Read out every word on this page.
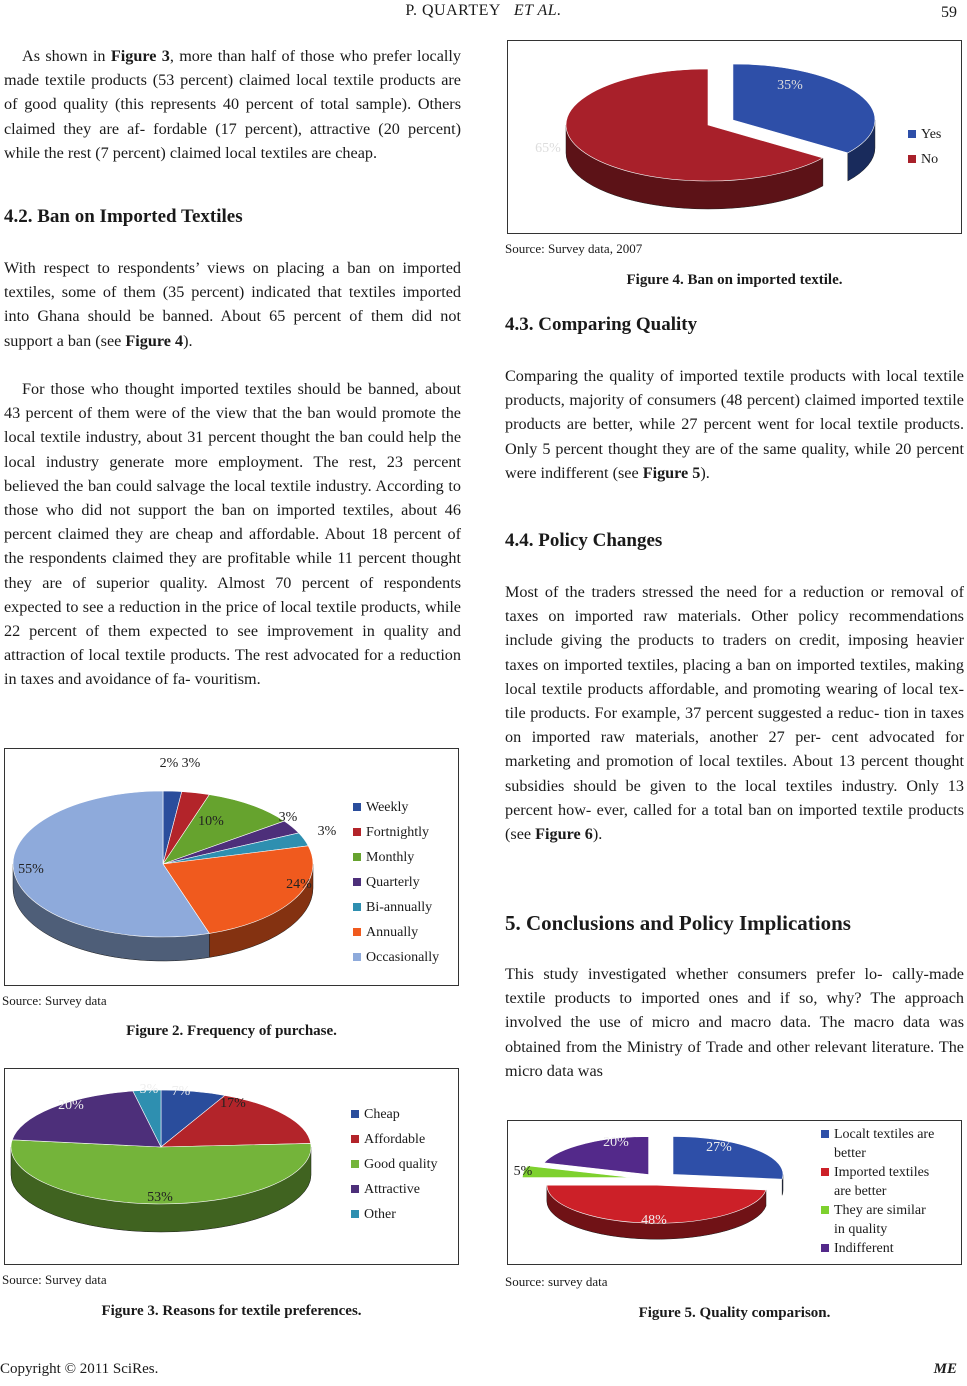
P. QUARTEY ET AL.	59

As shown in Figure 3, more than half of those who prefer locally made textile products (53 percent) claimed local textile products are of good quality (this represents 40 percent of total sample). Others claimed they are af- fordable (17 percent), attractive (20 percent) while the rest (7 percent) claimed local textiles are cheap.

4.2. Ban on Imported Textiles

With respect to respondents’ views on placing a ban on imported textiles, some of them (35 percent) indicated that textiles imported into Ghana should be banned. About 65 percent of them did not support a ban (see Figure 4).

For those who thought imported textiles should be banned, about 43 percent of them were of the view that the ban would promote the local textile industry, about 31 percent thought the ban could help the local industry generate more employment. The rest, 23 percent believed the ban could salvage the local textile industry. According to those who did not support the ban on imported textiles, about 46 percent claimed they are cheap and affordable. About 18 percent of the respondents claimed they are profitable while 11 percent thought they are of superior quality. Almost 70 percent of respondents expected to see a reduction in the price of local textile products, while 22 percent of them expected to see improvement in quality and attraction of local textile products. The rest advocated for a reduction in taxes and avoidance of fa- vouritism.

2% 3%
10%	3%
3%
24%
55%
Weekly
Fortnightly
Monthly
Quarterly
Bi-annually
Annually
Occasionally
Source: Survey data
Figure 2. Frequency of purchase.
7%
17%
53%
20%
3%
Cheap
Affordable
Good quality
Attractive
Other
Source: Survey data
Figure 3. Reasons for textile preferences.
35%
65%
Yes
No
Source: Survey data, 2007
Figure 4. Ban on imported textile.
4.3. Comparing Quality

Comparing the quality of imported textile products with local textile products, majority of consumers (48 percent) claimed imported textile products are better, while 27 percent went for local textile products. Only 5 percent thought they are of the same quality, while 20 percent were indifferent (see Figure 5).

4.4. Policy Changes

Most of the traders stressed the need for a reduction or removal of taxes on imported raw materials. Other policy recommendations include giving the products to traders on credit, imposing heavier taxes on imported textiles, placing a ban on imported textiles, making local textile products affordable, and promoting wearing of local tex- tile products. For example, 37 percent suggested a reduc- tion in taxes on imported raw materials, another 27 per- cent advocated for marketing and promotion of local textiles. About 13 percent thought subsidies should be given to the local textiles industry. Only 13 percent how- ever, called for a total ban on imported textile products (see Figure 6).

5. Conclusions and Policy Implications

This study investigated whether consumers prefer lo- cally-made textile products to imported ones and if so, why? The approach involved the use of micro and macro data. The macro data was obtained from the Ministry of Trade and other relevant literature. The micro data was

27%
48%
5%
20%
Localt textiles are
better
Imported textiles
are better
They are similar
in quality
Indifferent
Source: survey data
Figure 5. Quality comparison.
Copyright © 2011 SciRes.	ME
